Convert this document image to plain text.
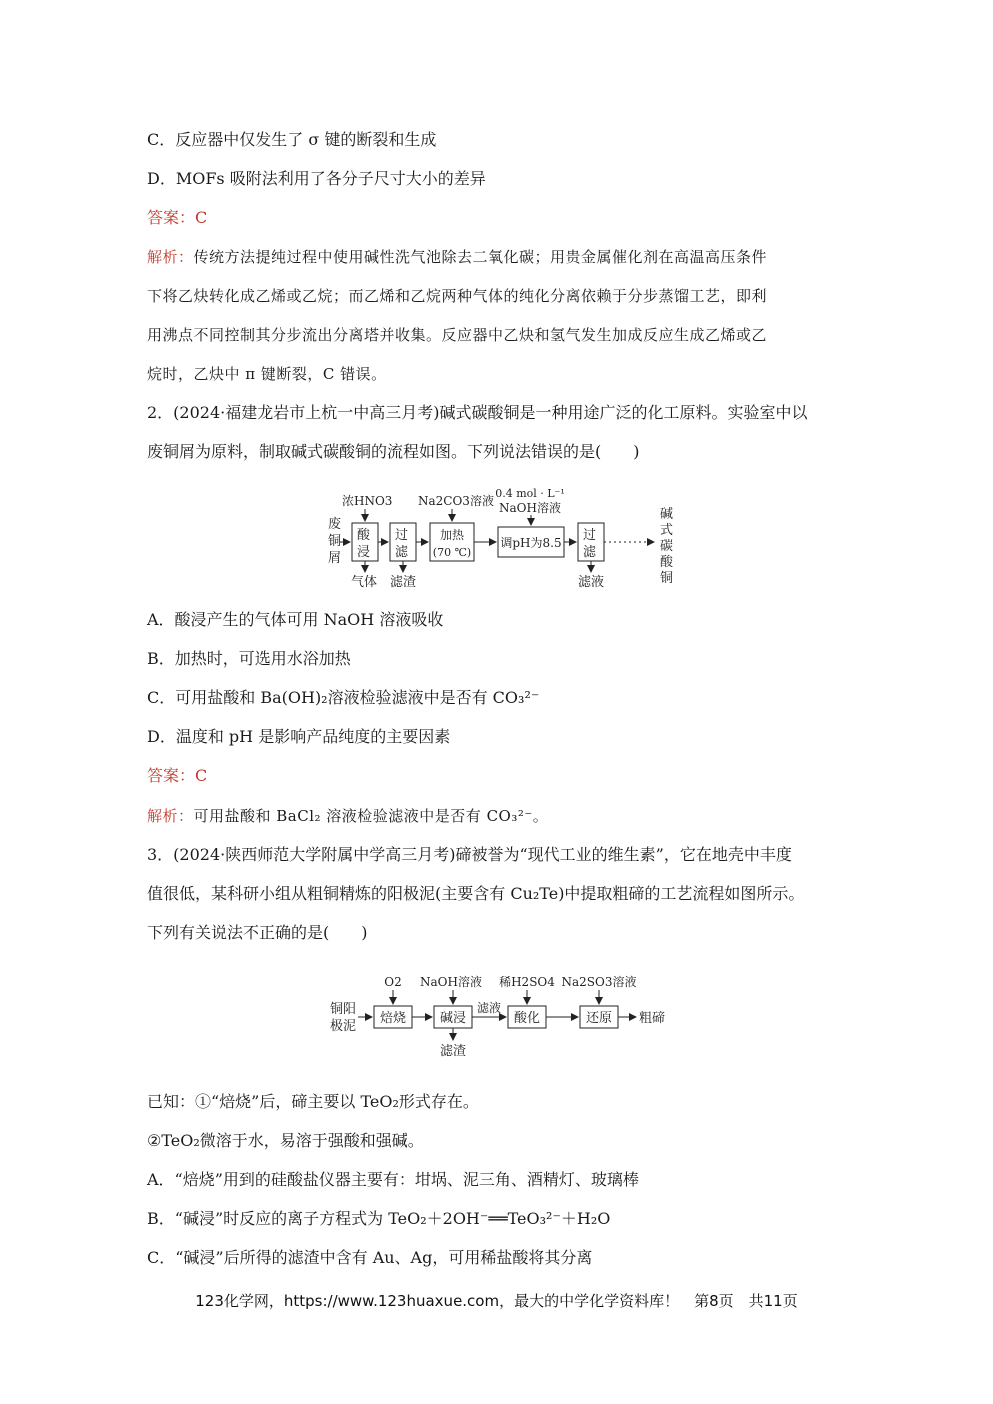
C．反应器中仅发生了 σ 键的断裂和生成
D．MOFs 吸附法利用了各分子尺寸大小的差异
答案：C
解析：传统方法提纯过程中使用碱性洗气池除去二氧化碳；用贵金属催化剂在高温高压条件
下将乙炔转化成乙烯或乙烷；而乙烯和乙烷两种气体的纯化分离依赖于分步蒸馏工艺，即利
用沸点不同控制其分步流出分离塔并收集。反应器中乙炔和氢气发生加成反应生成乙烯或乙
烷时，乙炔中 π 键断裂，C 错误。
2．(2024·福建龙岩市上杭一中高三月考)碱式碳酸铜是一种用途广泛的化工原料。实验室中以
废铜屑为原料，制取碱式碳酸铜的流程如图。下列说法错误的是(　　)
废
铜
屑
酸
浸
浓HNO3
气体
过
滤
滤渣
加热
(70 ℃)
Na2CO3溶液
调pH为8.5
0.4 mol · L⁻¹
NaOH溶液
过
滤
滤液
碱
式
碳
酸
铜
铜阳
极泥
焙烧
O2
碱浸
NaOH溶液
滤渣
滤液
酸化
稀H2SO4
还原
Na2SO3溶液
粗碲
A．酸浸产生的气体可用 NaOH 溶液吸收
B．加热时，可选用水浴加热
C．可用盐酸和 Ba(OH)₂溶液检验滤液中是否有 CO₃²⁻
D．温度和 pH 是影响产品纯度的主要因素
答案：C
解析：可用盐酸和 BaCl₂ 溶液检验滤液中是否有 CO₃²⁻。
3．(2024·陕西师范大学附属中学高三月考)碲被誉为“现代工业的维生素”，它在地壳中丰度
值很低，某科研小组从粗铜精炼的阳极泥(主要含有 Cu₂Te)中提取粗碲的工艺流程如图所示。
下列有关说法不正确的是(　　)
已知：①“焙烧”后，碲主要以 TeO₂形式存在。
②TeO₂微溶于水，易溶于强酸和强碱。
A．“焙烧”用到的硅酸盐仪器主要有：坩埚、泥三角、酒精灯、玻璃棒
B．“碱浸”时反应的离子方程式为 TeO₂＋2OH⁻══TeO₃²⁻＋H₂O
C．“碱浸”后所得的滤渣中含有 Au、Ag，可用稀盐酸将其分离
123化学网，https://www.123huaxue.com，最大的中学化学资料库！　第8页　共11页
